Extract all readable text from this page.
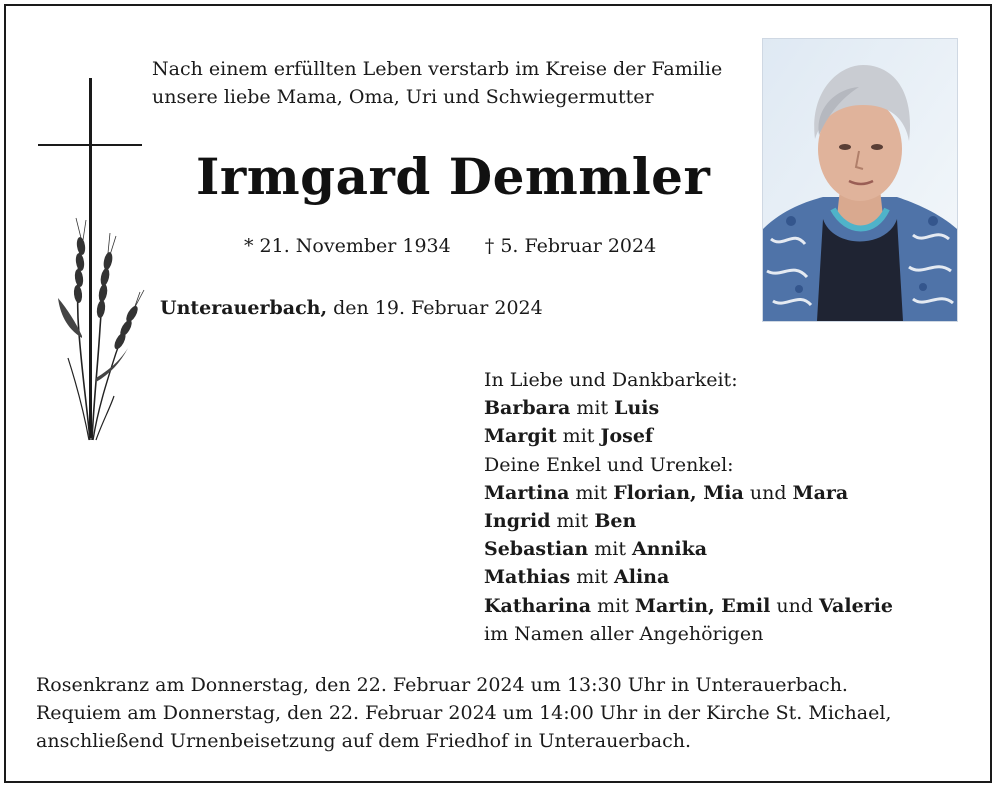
Nach einem erfüllten Leben verstarb im Kreise der Familie
unsere liebe Mama, Oma, Uri und Schwiegermutter
Irmgard Demmler
* 21. November 1934 † 5. Februar 2024
Unterauerbach, den 19. Februar 2024
In Liebe und Dankbarkeit:
Barbara mit Luis
Margit mit Josef
Deine Enkel und Urenkel:
Martina mit Florian, Mia und Mara
Ingrid mit Ben
Sebastian mit Annika
Mathias mit Alina
Katharina mit Martin, Emil und Valerie
im Namen aller Angehörigen
Rosenkranz am Donnerstag, den 22. Februar 2024 um 13:30 Uhr in Unterauerbach.
Requiem am Donnerstag, den 22. Februar 2024 um 14:00 Uhr in der Kirche St. Michael,
anschließend Urnenbeisetzung auf dem Friedhof in Unterauerbach.
